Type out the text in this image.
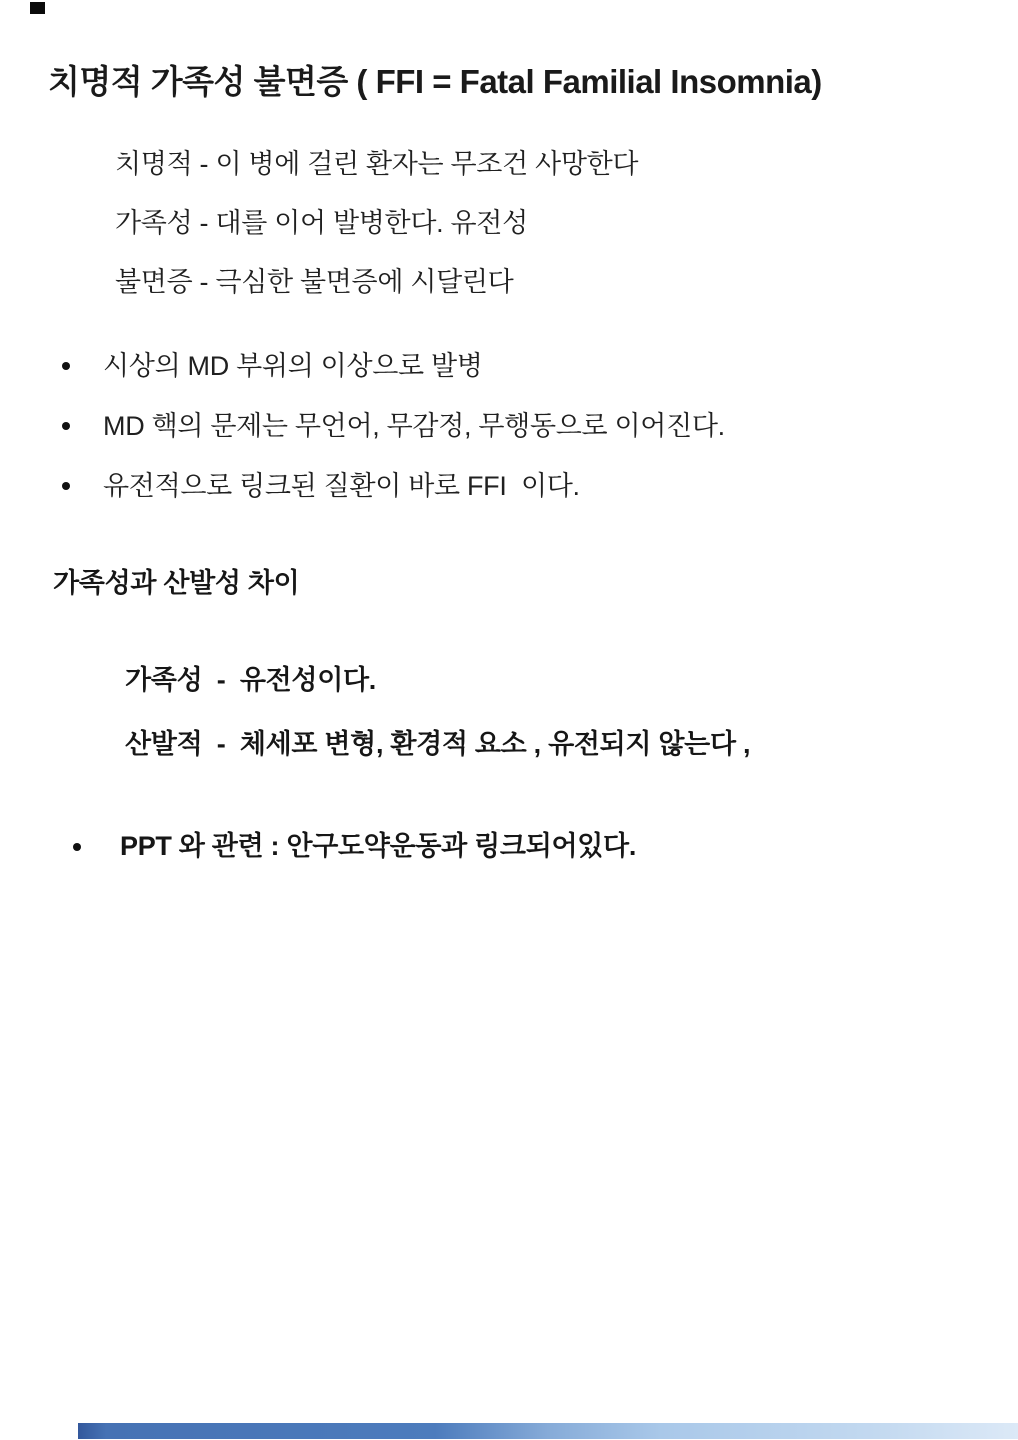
치명적 가족성 불면증 ( FFI = Fatal Familial Insomnia)
치명적 - 이 병에 걸린 환자는 무조건 사망한다
가족성 - 대를 이어 발병한다. 유전성
불면증 - 극심한 불면증에 시달린다
시상의 MD 부위의 이상으로 발병
MD 핵의 문제는 무언어, 무감정, 무행동으로 이어진다.
유전적으로 링크된 질환이 바로 FFI  이다.
가족성과 산발성 차이
가족성  -  유전성이다.
산발적  -  체세포 변형, 환경적 요소 , 유전되지 않는다 ,
PPT 와 관련 : 안구도약운동과 링크되어있다.
